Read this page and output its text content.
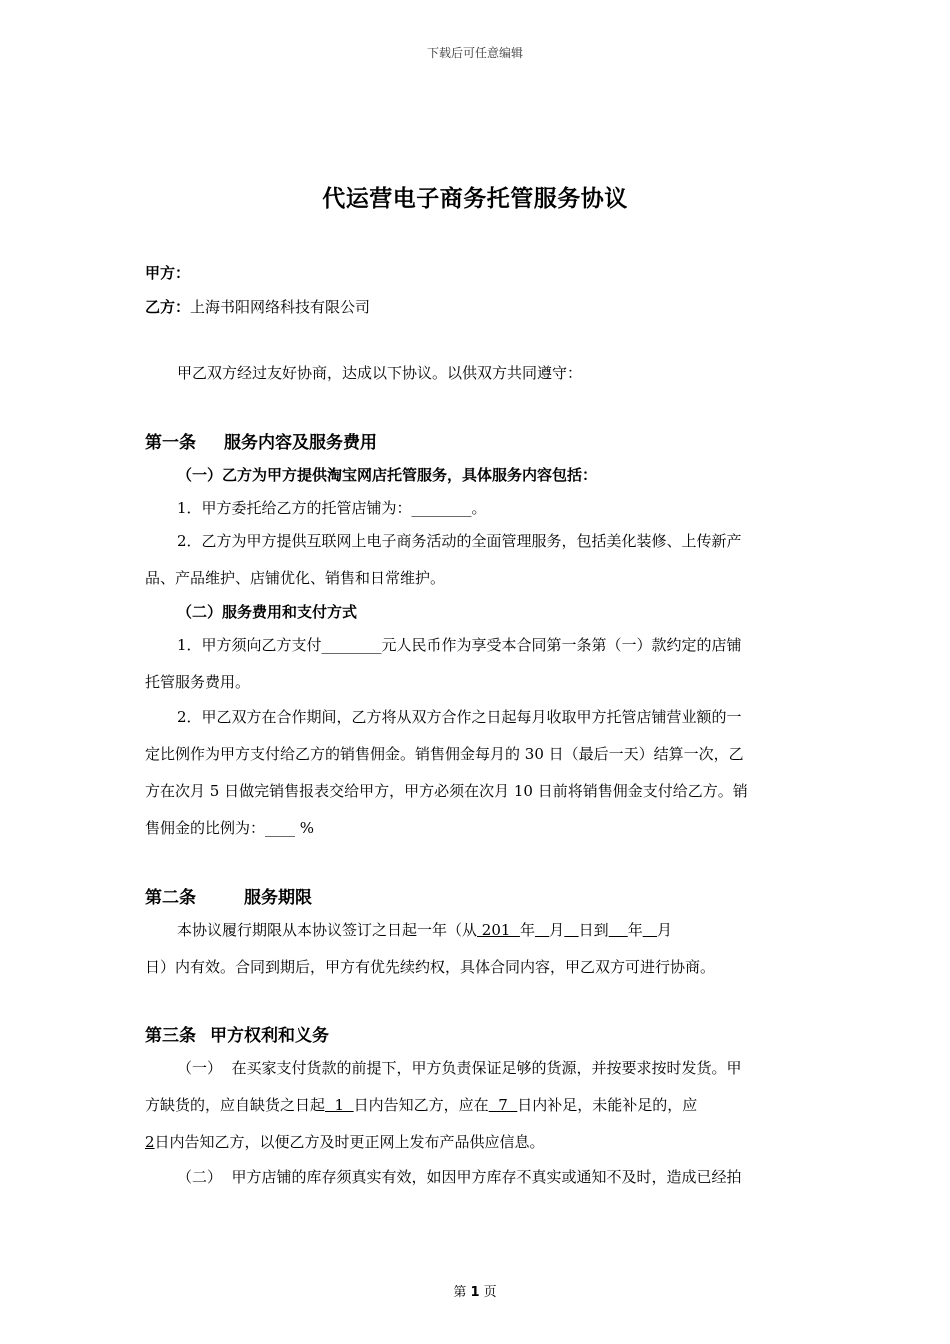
下载后可任意编辑
代运营电子商务托管服务协议
甲方：
乙方：上海书阳网络科技有限公司
甲乙双方经过友好协商，达成以下协议。以供双方共同遵守：
第一条 服务内容及服务费用
（一）乙方为甲方提供淘宝网店托管服务，具体服务内容包括：
1．甲方委托给乙方的托管店铺为：________。
2．乙方为甲方提供互联网上电子商务活动的全面管理服务，包括美化装修、上传新产
品、产品维护、店铺优化、销售和日常维护。
（二）服务费用和支付方式
1．甲方须向乙方支付________元人民币作为享受本合同第一条第（一）款约定的店铺
托管服务费用。
2．甲乙双方在合作期间，乙方将从双方合作之日起每月收取甲方托管店铺营业额的一
定比例作为甲方支付给乙方的销售佣金。销售佣金每月的 30 日（最后一天）结算一次，乙
方在次月 5 日做完销售报表交给甲方，甲方必须在次月 10 日前将销售佣金支付给乙方。销
售佣金的比例为：____ %
第二条	服务期限
本协议履行期限从本协议签订之日起一年（从 201  年 月 日到 年 月
日）内有效。合同到期后，甲方有优先续约权，具体合同内容，甲乙双方可进行协商。
第三条 甲方权利和义务
（一）  在买家支付货款的前提下，甲方负责保证足够的货源，并按要求按时发货。甲
方缺货的，应自缺货之日起  1  日内告知乙方，应在  7  日内补足，未能补足的，应
2日内告知乙方，以便乙方及时更正网上发布产品供应信息。
（二）  甲方店铺的库存须真实有效，如因甲方库存不真实或通知不及时，造成已经拍
第 1 页
